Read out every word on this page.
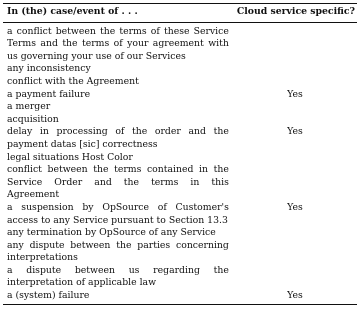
In (the) case/event of . . .	Cloud service specific?
a conflict between the terms of these Service Terms and the terms of your agreement with us governing your use of our Services	
any inconsistency	
conflict with the Agreement	
a payment failure	Yes
a merger	
acquisition	
delay in processing of the order and the payment datas [sic] correctness	Yes
legal situations Host Color	
conflict between the terms contained in the Service Order and the terms in this Agreement	
a suspension by OpSource of Customer's access to any Service pursuant to Section 13.3	Yes
any termination by OpSource of any Service	
any dispute between the parties concerning interpretations	
a dispute between us regarding the interpretation of applicable law	
a (system) failure	Yes
